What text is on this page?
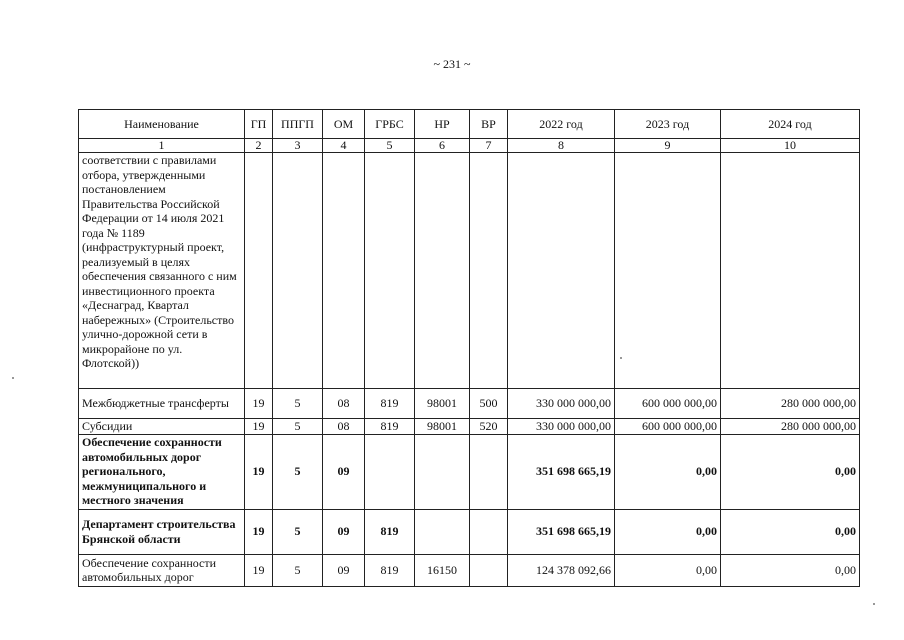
~ 231 ~
Наименование	ГП	ППГП	ОМ	ГРБС	НР	ВР	2022 год	2023 год	2024 год
1	2	3	4	5	6	7	8	9	10
соответствии с правилами отбора, утвержденными постановлением Правительства Российской Федерации от 14 июля 2021 года № 1189 (инфраструктурный проект, реализуемый в целях обеспечения связанного с ним инвестиционного проекта «Деснаград, Квартал набережных» (Строительство улично-дорожной сети в микрорайоне по ул. Флотской))									
Межбюджетные трансферты	19	5	08	819	98001	500	330 000 000,00	600 000 000,00	280 000 000,00
Субсидии	19	5	08	819	98001	520	330 000 000,00	600 000 000,00	280 000 000,00
Обеспечение сохранности автомобильных дорог регионального, межмуниципального и местного значения	19	5	09				351 698 665,19	0,00	0,00
Департамент строительства Брянской области	19	5	09	819			351 698 665,19	0,00	0,00
Обеспечение сохранности автомобильных дорог	19	5	09	819	16150		124 378 092,66	0,00	0,00
